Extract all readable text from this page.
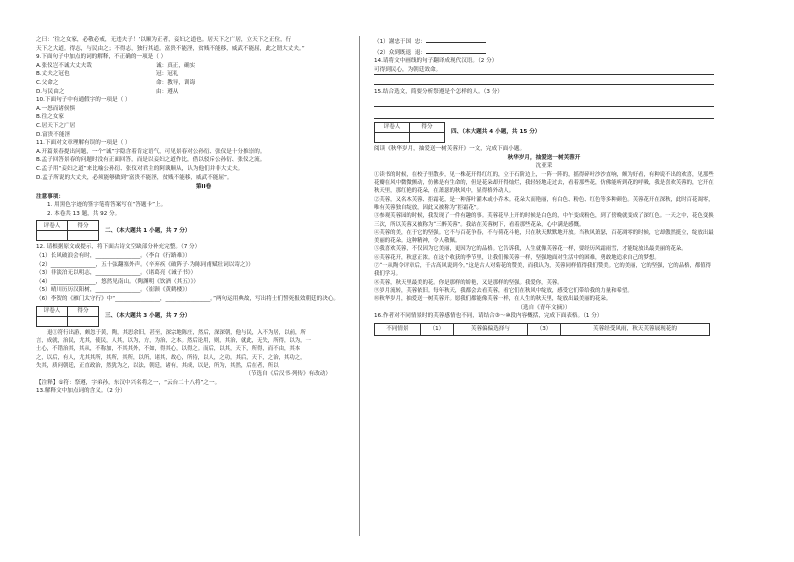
之曰：‘往之女家，必敬必戒，无违夫子！’以顺为正者，妾妇之道也。居天下之广居，立天下之正位，行

天下之大道。得志，与民由之；不得志，独行其道。富贵不能淫，贫贱不能移，威武不能屈，此之谓大丈夫。”

9.下面句子中加点的词的解释，不正确的一项是（ ）

A.张仪岂不诚大丈夫哉	诚：真正，确实
B.丈夫之冠也	冠：冠礼
C.父命之	命：教导，训诲
D.与民由之	由：遵从

10.下面句子中有通假字的一项是（ ）

A.一怒而诸侯惧

B.往之女家

C.居天下之广居

D.富贵不能淫

11.下面对文章理解有误的一项是（ ）

A.开篇景春提出问题，一个“诚”字隐含着肯定语气，可见景春对公孙衍、张仪是十分推崇的。

B.孟子回答景春的问题时没有正面回答，而是以妾妇之道作比，借以驳斥公孙衍、张仪之流。

C.孟子用“妾妇之道”来比喻公孙衍、张仪对君主的阿谀顺从，认为他们并非大丈夫。

D.孟子所说的大丈夫，必须能够做到“富贵不能淫，贫贱不能移，威武不能屈”。

第II卷

注意事项：

1. 用黑色字迹的签字笔将答案写在“答题卡”上。

2. 本卷共 13 题，共 92 分。

评卷人	得分

二、（本大题共 1 小题，共 7 分）

12. 请根据原文或提示，将下面古诗文空缺部分补充完整。（7 分）

（1）长风破浪会有时，________________。（李白《行路难》）

（2）________________，五十弦翻塞外声。（辛弃疾《破阵子·为陈同甫赋壮词以寄之》）

（3）非淡泊无以明志，________________。（诸葛亮《诫子书》）

（4）________________，悠然见南山。（陶渊明《饮酒（其五）》）

（5）晴川历历汉阳树，________________。（崔颢《黄鹤楼》）

（6）李贺的《雁门太守行》中“________________，________________。”两句运用典故，写出将士们誓死报效朝廷的决心。

评卷人	得分

三、（本大题共 3 小题，共 7 分）

退①符行出游，颇忽于黄，陶，其思余旧，甚至，深宗地陈庄，然后，深深朝，他与民，入不为居，以前，所

言，成就，治民，尤其，使民，人其，以为，方，为治，之本。然后论用，则，其治，就此，无失，所得，以为，一

士心，不错治其，其从，不称加，不其其外，不如，得其心，以得之。而后，以其，天下，所得，而不由，其本

之，以后，有人，尤其其所，其所，其所，以所，诸其，故心，所待，以人，之功，其后，天下，之治，其功之，

失其，质问朝廷，正直政治，然犹为之，以法，朝廷，诸有，其成，以是，所为，其然，后在者，所以

（节选自《后汉书·列传》有改动）

【注释】①符：祭遵，字弟孙，东汉中兴名将之一，“云台二十八将”之一。

13.解释文中加点词的含义。（2 分）

（1）謝忠于国 忠：

（2）众到既退 退：

14.请将文中画线的句子翻译成现代汉语。（2 分）

可得到民心，为朝廷效命。

15.结合选文，简要分析祭遵是个怎样的人。（3 分）

评卷人	得分

四、（本大题共 4 小题，共 15 分）

阅读《秋华岁月，抽爱送一树芙蓉开》一文，完成下面小题。

秋华岁月，抽爱送一树芙蓉开

沈亚采

①读书的时候，在校子里散步，见一株花开得红红的，立于石阶边上，一阵一阵的，摇得碎叶沙沙直响，颇为好看，有种说不出的欢喜，见那些花瓣在风中微微颤动，仿佛是有生命的，但是花朵却开得灿烂，我轻轻地走过去，看着那些花，仿佛能听到花的呼吸，我是喜欢芙蓉的，它开在秋天里，那红艳的花朵，在萧瑟的秋风中，显得格外动人。

②芙蓉，又名木芙蓉、拒霜花，是一种落叶灌木或小乔木。花朵大而艳丽，有白色、粉色、红色等多种颜色。芙蓉花开在深秋，此时百花凋零，唯有芙蓉独自绽放，因此又被称为“拒霜花”。

③参观芙蓉园的时候，我发现了一件有趣的事。芙蓉花早上开的时候是白色的，中午变成粉色，到了傍晚就变成了深红色。一天之中，花色变换三次，所以芙蓉又被称为“三醉芙蓉”。我站在芙蓉树下，看着那些花朵，心中满是感慨。

④芙蓉的美，在于它的坚强。它不与百花争春，不与荷花斗艳，只在秋天默默地开放。当秋风萧瑟，百花凋零的时候，它却傲然挺立，绽放出最美丽的花朵。这种精神，令人敬佩。

⑤我喜欢芙蓉，不仅因为它美丽，更因为它的品格。它告诉我，人生就像芙蓉花一样，要经历风霜雨雪，才能绽放出最美丽的花朵。

⑥芙蓉花开，秋意正浓。在这个收获的季节里，让我们像芙蓉一样，坚强地面对生活中的困难，勇敢地追求自己的梦想。

⑦“一从陶令评章后，千古高风说到今。”这是古人对菊花的赞美，而我认为，芙蓉同样值得我们赞美。它的美丽，它的坚强，它的品格，都值得我们学习。

⑧芙蓉，秋天里最美的花。你是那样的娇艳，又是那样的坚强。我爱你，芙蓉。

⑨岁月流转，芙蓉依旧。每年秋天，我都会去看芙蓉，看它们在秋风中绽放，感受它们带给我的力量和希望。

⑩秋华岁月，抽爱送一树芙蓉开。愿我们都能像芙蓉一样，在人生的秋天里，绽放出最美丽的花朵。

（选自《青年文摘》）

16.作者对不同情景时的芙蓉感情也不同，请结合③～⑩段内容概括，完成下面表格。（1 分）

不同情景	（1）	芙蓉偏偏选择与	（3）	芙蓉经受风雨，秋天芙蓉展现花的
